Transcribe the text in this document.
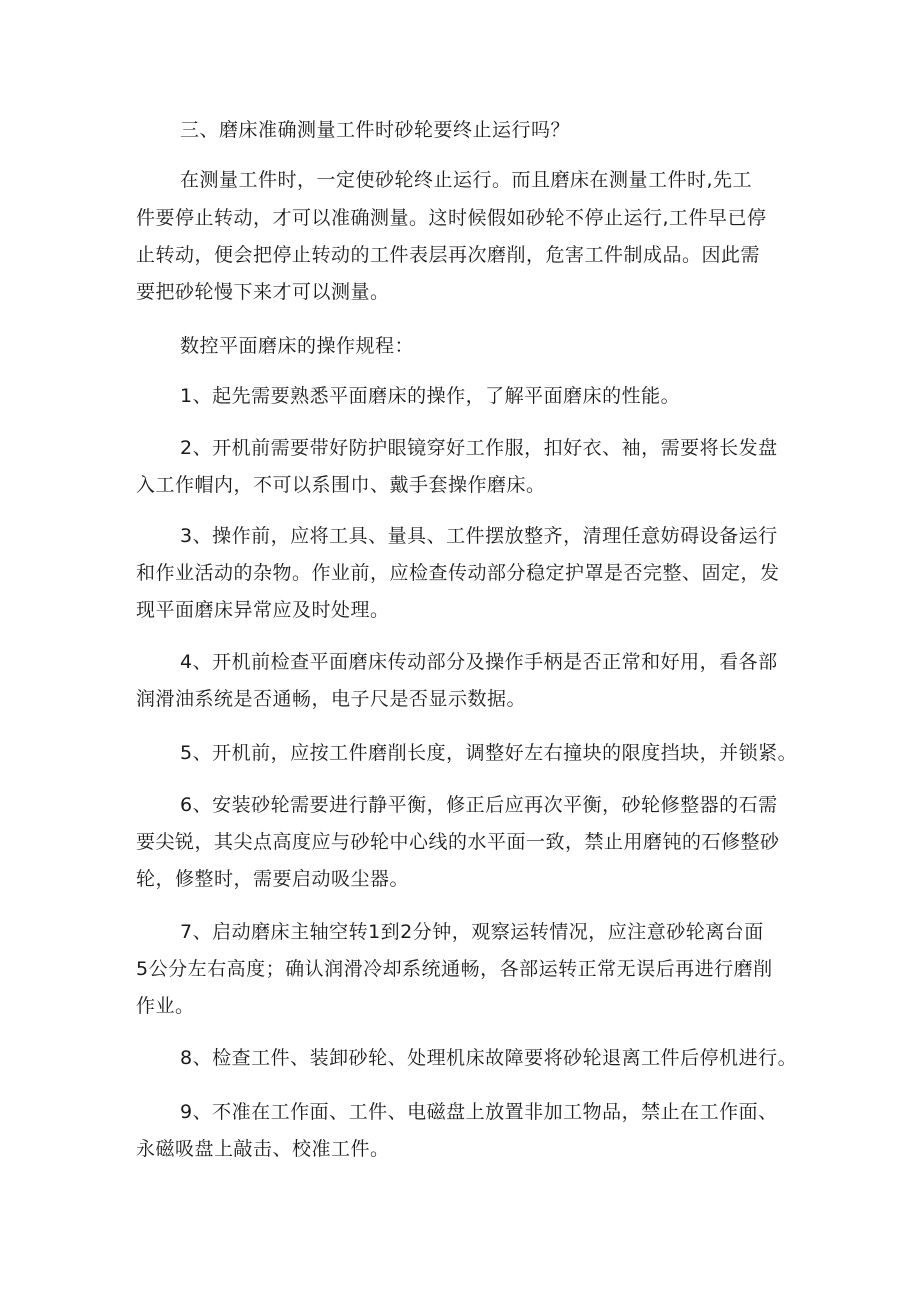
三、磨床准确测量工件时砂轮要终止运行吗？
在测量工件时，一定使砂轮终止运行。而且磨床在测量工件时,先工
件要停止转动，才可以准确测量。这时候假如砂轮不停止运行,工件早已停
止转动，便会把停止转动的工件表层再次磨削，危害工件制成品。因此需
要把砂轮慢下来才可以测量。
数控平面磨床的操作规程：
1、起先需要熟悉平面磨床的操作，了解平面磨床的性能。
2、开机前需要带好防护眼镜穿好工作服，扣好衣、袖，需要将长发盘
入工作帽内，不可以系围巾、戴手套操作磨床。
3、操作前，应将工具、量具、工件摆放整齐，清理任意妨碍设备运行
和作业活动的杂物。作业前，应检查传动部分稳定护罩是否完整、固定，发
现平面磨床异常应及时处理。
4、开机前检查平面磨床传动部分及操作手柄是否正常和好用，看各部
润滑油系统是否通畅，电子尺是否显示数据。
5、开机前，应按工件磨削长度，调整好左右撞块的限度挡块，并锁紧。
6、安装砂轮需要进行静平衡，修正后应再次平衡，砂轮修整器的石需
要尖锐，其尖点高度应与砂轮中心线的水平面一致，禁止用磨钝的石修整砂
轮，修整时，需要启动吸尘器。
7、启动磨床主轴空转1到2分钟，观察运转情况，应注意砂轮离台面
5公分左右高度；确认润滑冷却系统通畅，各部运转正常无误后再进行磨削
作业。
8、检查工件、装卸砂轮、处理机床故障要将砂轮退离工件后停机进行。
9、不准在工作面、工件、电磁盘上放置非加工物品，禁止在工作面、
永磁吸盘上敲击、校准工件。
